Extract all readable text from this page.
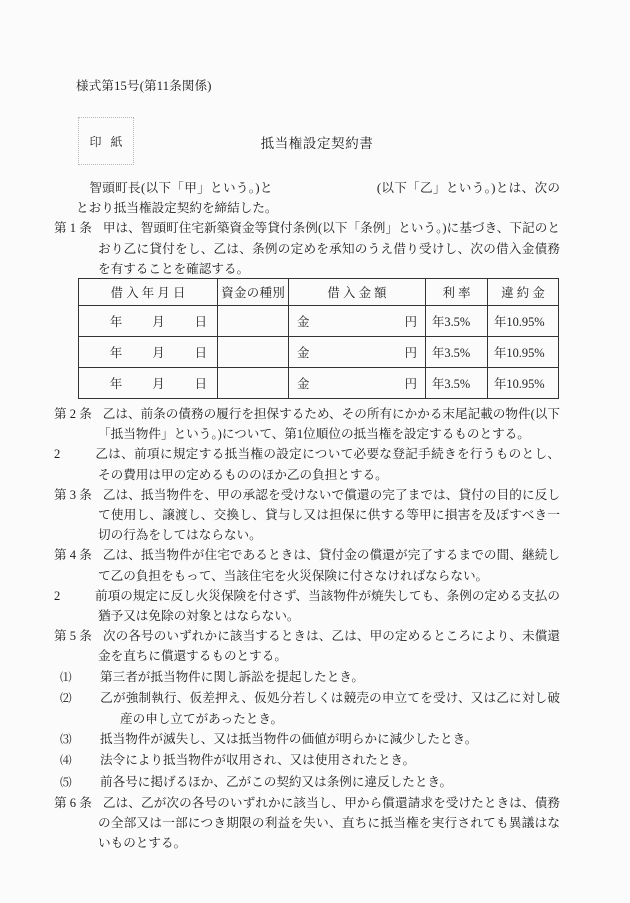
様式第15号(第11条関係)
印 紙	抵当権設定契約書

智頭町長(以下「甲」という。)と	(以下「乙」という。)とは、次のとおり抵当権設定契約を締結した。

第 1 条 甲は、智頭町住宅新築資金等貸付条例(以下「条例」という。)に基づき、下記のとおり乙に貸付をし、乙は、条例の定めを承知のうえ借り受けし、次の借入金債務を有することを確認する。

借入年月日	資金の種別	借入金額	利率	違約金
年 月 日		金 円	年3.5%	年10.95%
年 月 日		金 円	年3.5%	年10.95%
年 月 日		金 円	年3.5%	年10.95%

第 2 条 乙は、前条の債務の履行を担保するため、その所有にかかる末尾記載の物件(以下「抵当物件」という。)について、第1位順位の抵当権を設定するものとする。

2	乙は、前項に規定する抵当権の設定について必要な登記手続きを行うものとし、その費用は甲の定めるもののほか乙の負担とする。

第 3 条 乙は、抵当物件を、甲の承認を受けないで償還の完了までは、貸付の目的に反して使用し、譲渡し、交換し、貸与し又は担保に供する等甲に損害を及ぼすべき一切の行為をしてはならない。

第 4 条 乙は、抵当物件が住宅であるときは、貸付金の償還が完了するまでの間、継続して乙の負担をもって、当該住宅を火災保険に付さなければならない。

2	前項の規定に反し火災保険を付さず、当該物件が焼失しても、条例の定める支払の猶予又は免除の対象とはならない。

第 5 条 次の各号のいずれかに該当するときは、乙は、甲の定めるところにより、未償還金を直ちに償還するものとする。

⑴ 第三者が抵当物件に関し訴訟を提起したとき。

⑵ 乙が強制執行、仮差押え、仮処分若しくは競売の申立てを受け、又は乙に対し破産の申し立てがあったとき。

⑶ 抵当物件が滅失し、又は抵当物件の価値が明らかに減少したとき。

⑷ 法令により抵当物件が収用され、又は使用されたとき。

⑸ 前各号に掲げるほか、乙がこの契約又は条例に違反したとき。

第 6 条 乙は、乙が次の各号のいずれかに該当し、甲から償還請求を受けたときは、債務の全部又は一部につき期限の利益を失い、直ちに抵当権を実行されても異議はないものとする。
